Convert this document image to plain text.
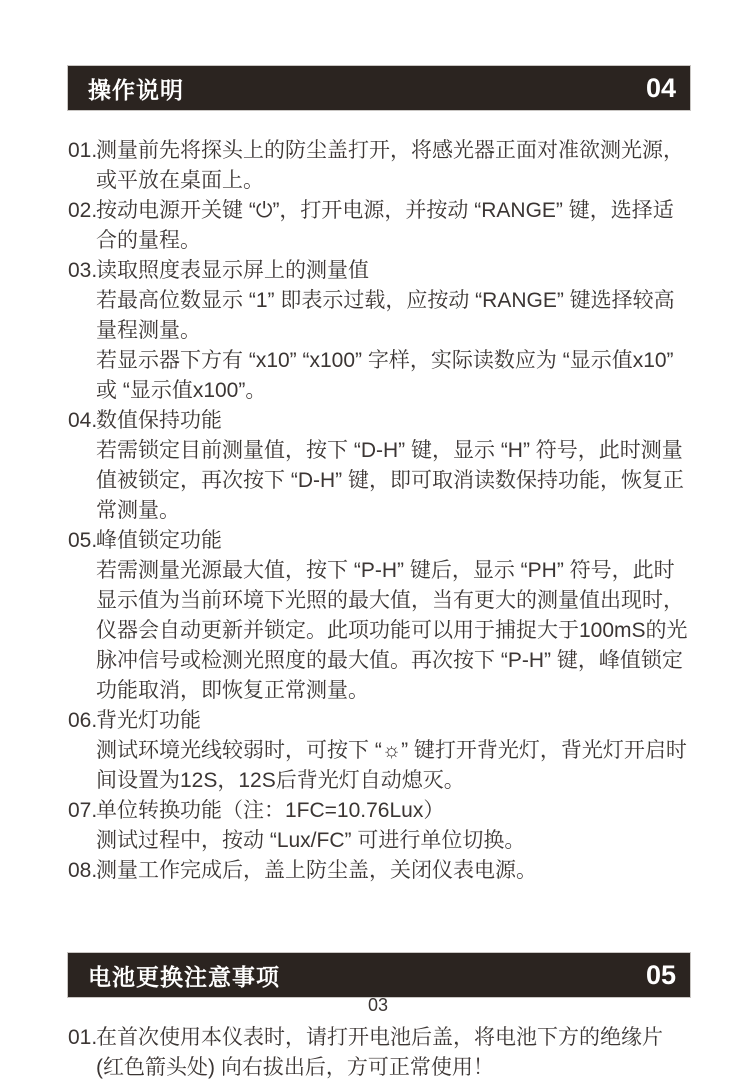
操作说明	04

01.测量前先将探头上的防尘盖打开，将感光器正面对准欲测光源，或平放在桌面上。

02.按动电源开关键 “⏻”，打开电源，并按动 “RANGE” 键，选择适合的量程。

03.读取照度表显示屏上的测量值

若最高位数显示 “1” 即表示过载，应按动 “RANGE” 键选择较高量程测量。

若显示器下方有 “x10” “x100” 字样，实际读数应为 “显示值x10” 或 “显示值x100”。

04.数值保持功能

若需锁定目前测量值，按下 “D-H” 键，显示 “H” 符号，此时测量值被锁定，再次按下 “D-H” 键，即可取消读数保持功能，恢复正常测量。

05.峰值锁定功能

若需测量光源最大值，按下 “P-H” 键后，显示 “PH” 符号，此时显示值为当前环境下光照的最大值，当有更大的测量值出现时，仪器会自动更新并锁定。此项功能可以用于捕捉大于100mS的光脉冲信号或检测光照度的最大值。再次按下 “P-H” 键，峰值锁定功能取消，即恢复正常测量。

06.背光灯功能

测试环境光线较弱时，可按下 “☼” 键打开背光灯，背光灯开启时间设置为12S，12S后背光灯自动熄灭。

07.单位转换功能（注：1FC=10.76Lux）

测试过程中，按动 “Lux/FC” 可进行单位切换。

08.测量工作完成后，盖上防尘盖，关闭仪表电源。

电池更换注意事项	05

01.在首次使用本仪表时，请打开电池后盖，将电池下方的绝缘片 (红色箭头处) 向右拔出后，方可正常使用！

03
